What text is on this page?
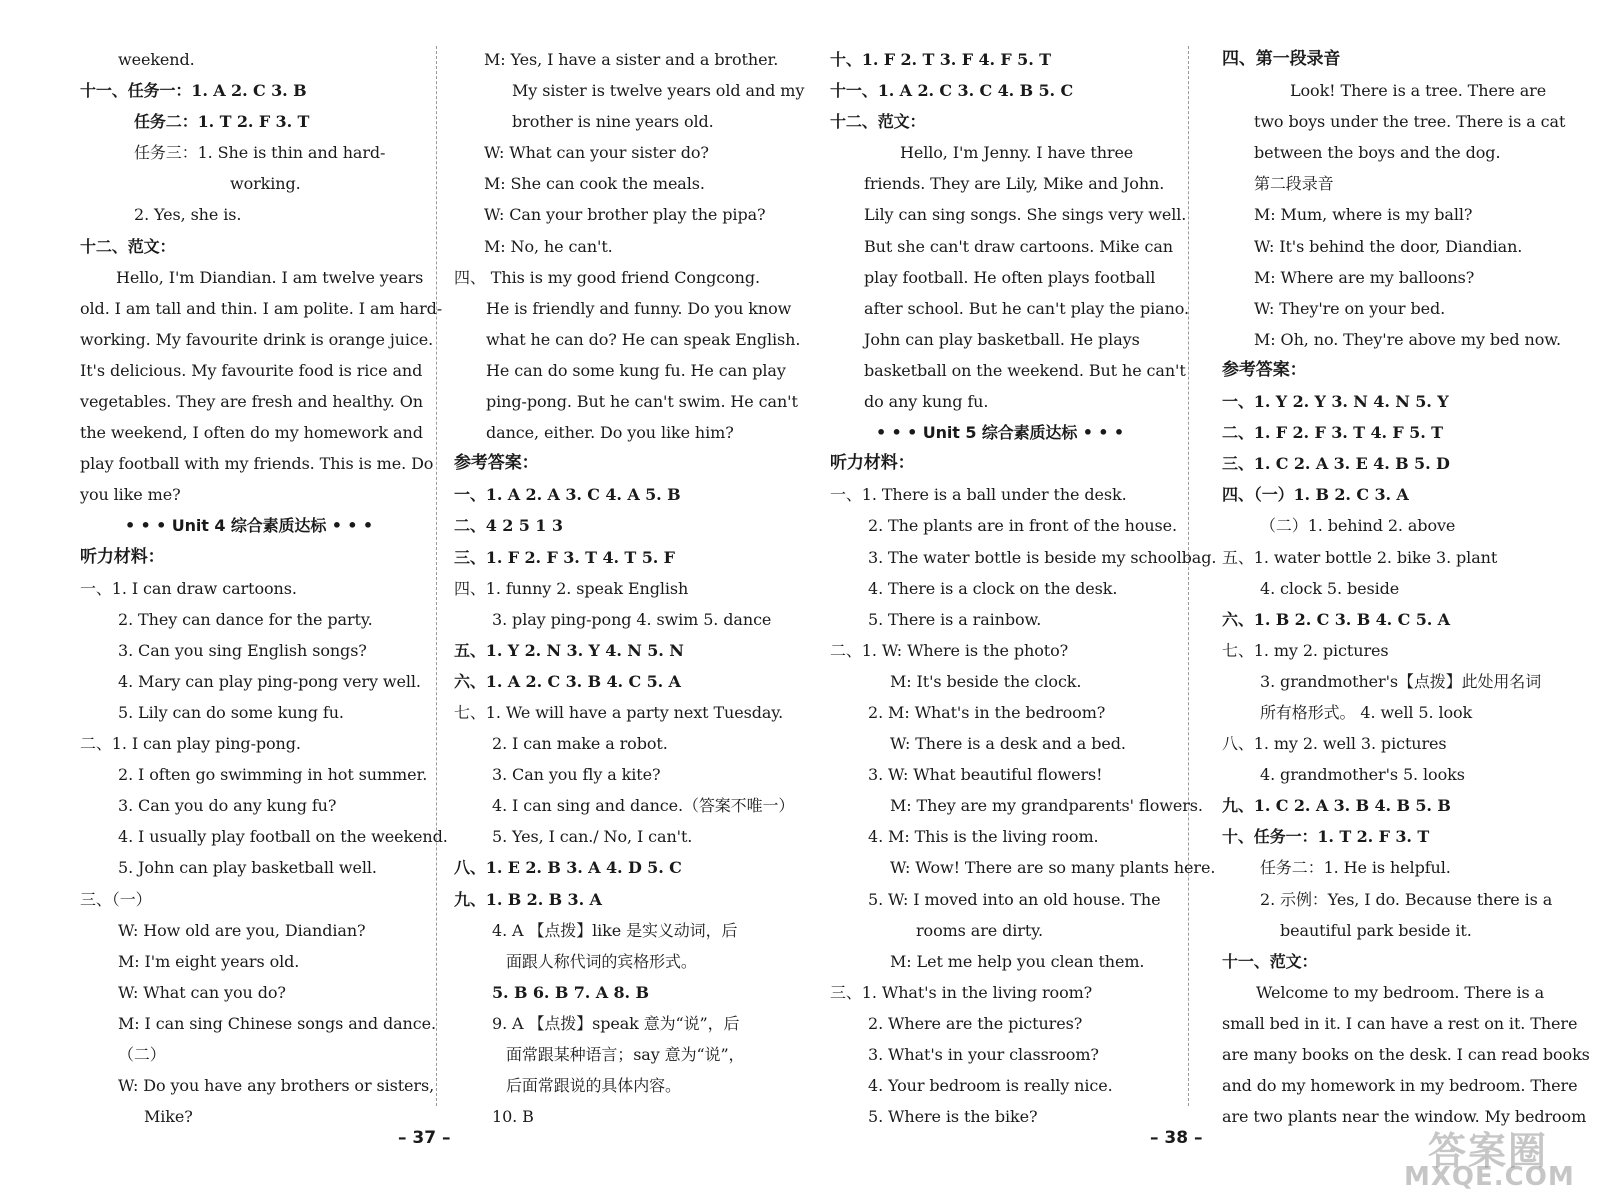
weekend.
十一、任务一：1. A 2. C 3. B
任务二：1. T 2. F 3. T
任务三：1. She is thin and hard-
working.
2. Yes, she is.
十二、范文：
Hello, I'm Diandian. I am twelve years
old. I am tall and thin. I am polite. I am hard-
working. My favourite drink is orange juice.
It's delicious. My favourite food is rice and
vegetables. They are fresh and healthy. On
the weekend, I often do my homework and
play football with my friends. This is me. Do
you like me?
• • • Unit 4 综合素质达标 • • •
听力材料：
一、1. I can draw cartoons.
2. They can dance for the party.
3. Can you sing English songs?
4. Mary can play ping-pong very well.
5. Lily can do some kung fu.
二、1. I can play ping-pong.
2. I often go swimming in hot summer.
3. Can you do any kung fu?
4. I usually play football on the weekend.
5. John can play basketball well.
三、（一）
W: How old are you, Diandian?
M: I'm eight years old.
W: What can you do?
M: I can sing Chinese songs and dance.
（二）
W: Do you have any brothers or sisters,
Mike?
M: Yes, I have a sister and a brother.
My sister is twelve years old and my
brother is nine years old.
W: What can your sister do?
M: She can cook the meals.
W: Can your brother play the pipa?
M: No, he can't.
四、 This is my good friend Congcong.
He is friendly and funny. Do you know
what he can do? He can speak English.
He can do some kung fu. He can play
ping-pong. But he can't swim. He can't
dance, either. Do you like him?
参考答案：
一、1. A 2. A 3. C 4. A 5. B
二、4 2 5 1 3
三、1. F 2. F 3. T 4. T 5. F
四、1. funny 2. speak English
3. play ping-pong 4. swim 5. dance
五、1. Y 2. N 3. Y 4. N 5. N
六、1. A 2. C 3. B 4. C 5. A
七、1. We will have a party next Tuesday.
2. I can make a robot.
3. Can you fly a kite?
4. I can sing and dance.（答案不唯一）
5. Yes, I can./ No, I can't.
八、1. E 2. B 3. A 4. D 5. C
九、1. B 2. B 3. A
4. A 【点拨】like 是实义动词，后
面跟人称代词的宾格形式。
5. B 6. B 7. A 8. B
9. A 【点拨】speak 意为“说”，后
面常跟某种语言；say 意为“说”，
后面常跟说的具体内容。
10. B
十、1. F 2. T 3. F 4. F 5. T
十一、1. A 2. C 3. C 4. B 5. C
十二、范文：
Hello, I'm Jenny. I have three
friends. They are Lily, Mike and John.
Lily can sing songs. She sings very well.
But she can't draw cartoons. Mike can
play football. He often plays football
after school. But he can't play the piano.
John can play basketball. He plays
basketball on the weekend. But he can't
do any kung fu.
• • • Unit 5 综合素质达标 • • •
听力材料：
一、1. There is a ball under the desk.
2. The plants are in front of the house.
3. The water bottle is beside my schoolbag.
4. There is a clock on the desk.
5. There is a rainbow.
二、1. W: Where is the photo?
M: It's beside the clock.
2. M: What's in the bedroom?
W: There is a desk and a bed.
3. W: What beautiful flowers!
M: They are my grandparents' flowers.
4. M: This is the living room.
W: Wow! There are so many plants here.
5. W: I moved into an old house. The
rooms are dirty.
M: Let me help you clean them.
三、1. What's in the living room?
2. Where are the pictures?
3. What's in your classroom?
4. Your bedroom is really nice.
5. Where is the bike?
四、第一段录音
Look! There is a tree. There are
two boys under the tree. There is a cat
between the boys and the dog.
第二段录音
M: Mum, where is my ball?
W: It's behind the door, Diandian.
M: Where are my balloons?
W: They're on your bed.
M: Oh, no. They're above my bed now.
参考答案：
一、1. Y 2. Y 3. N 4. N 5. Y
二、1. F 2. F 3. T 4. F 5. T
三、1. C 2. A 3. E 4. B 5. D
四、（一）1. B 2. C 3. A
（二）1. behind 2. above
五、1. water bottle 2. bike 3. plant
4. clock 5. beside
六、1. B 2. C 3. B 4. C 5. A
七、1. my 2. pictures
3. grandmother's【点拨】此处用名词
所有格形式。 4. well 5. look
八、1. my 2. well 3. pictures
4. grandmother's 5. looks
九、1. C 2. A 3. B 4. B 5. B
十、任务一：1. T 2. F 3. T
任务二：1. He is helpful.
2. 示例：Yes, I do. Because there is a
beautiful park beside it.
十一、范文：
Welcome to my bedroom. There is a
small bed in it. I can have a rest on it. There
are many books on the desk. I can read books
and do my homework in my bedroom. There
are two plants near the window. My bedroom
– 37 –	– 38 –	答案圈
MXQE.COM
